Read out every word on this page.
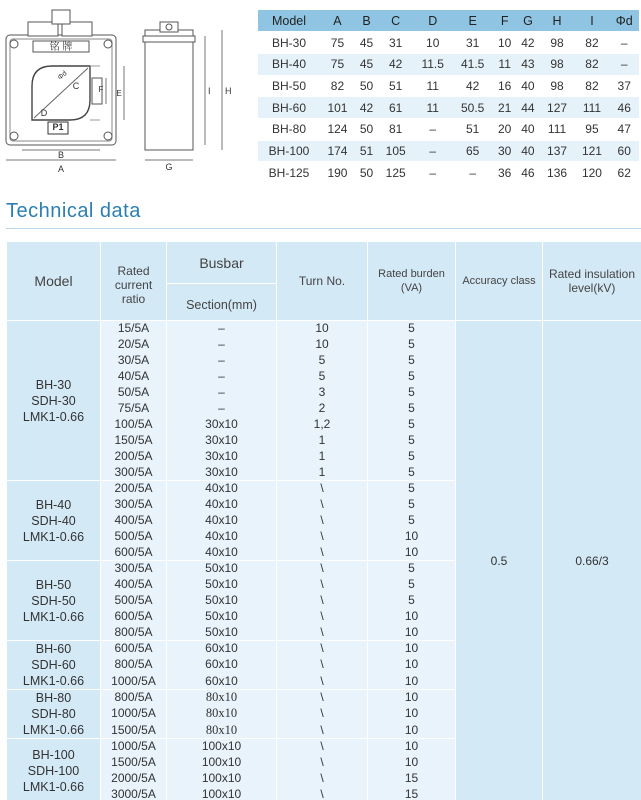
铭 牌
P1
Φd
A
B
C
D
E
F
G
I H
Model	A	B	C	D	E	F	G	H	I	Φd
BH-30	75	45	31	10	31	10	42	98	82	–
BH-40	75	45	42	11.5	41.5	11	43	98	82	–
BH-50	82	50	51	11	42	16	40	98	82	37
BH-60	101	42	61	11	50.5	21	44	127	111	46
BH-80	124	50	81	–	51	20	40	111	95	47
BH-100	174	51	105	–	65	30	40	137	121	60
BH-125	190	50	125	–	–	36	46	136	120	62
Technical data
Model	Rated current ratio	Busbar	Turn No.	Rated burden (VA)	Accuracy class	Rated insulation level(kV)
		Section(mm)				

BH-30
SDH-30
LMK1-0.66	15/5A	–	10	5	0.5	0.66/3
	20/5A	–	10	5		
	30/5A	–	5	5		
	40/5A	–	5	5		
	50/5A	–	3	5		
	75/5A	–	2	5		
	100/5A	30x10	1,2	5		
	150/5A	30x10	1	5		
	200/5A	30x10	1	5		
	300/5A	30x10	1	5		

BH-40
SDH-40
LMK1-0.66	200/5A	40x10	\	5		
	300/5A	40x10	\	5		
	400/5A	40x10	\	5		
	500/5A	40x10	\	10		
	600/5A	40x10	\	10		

BH-50
SDH-50
LMK1-0.66	300/5A	50x10	\	5		
	400/5A	50x10	\	5		
	500/5A	50x10	\	5		
	600/5A	50x10	\	10		
	800/5A	50x10	\	10		

BH-60
SDH-60
LMK1-0.66	600/5A	60x10	\	10		
	800/5A	60x10	\	10		
	1000/5A	60x10	\	10		

BH-80
SDH-80
LMK1-0.66	800/5A	80x10	\	10		
	1000/5A	80x10	\	10		
	1500/5A	80x10	\	10		

BH-100
SDH-100
LMK1-0.66	1000/5A	100x10	\	10		
	1500/5A	100x10	\	10		
	2000/5A	100x10	\	15		
	3000/5A	100x10	\	15		
